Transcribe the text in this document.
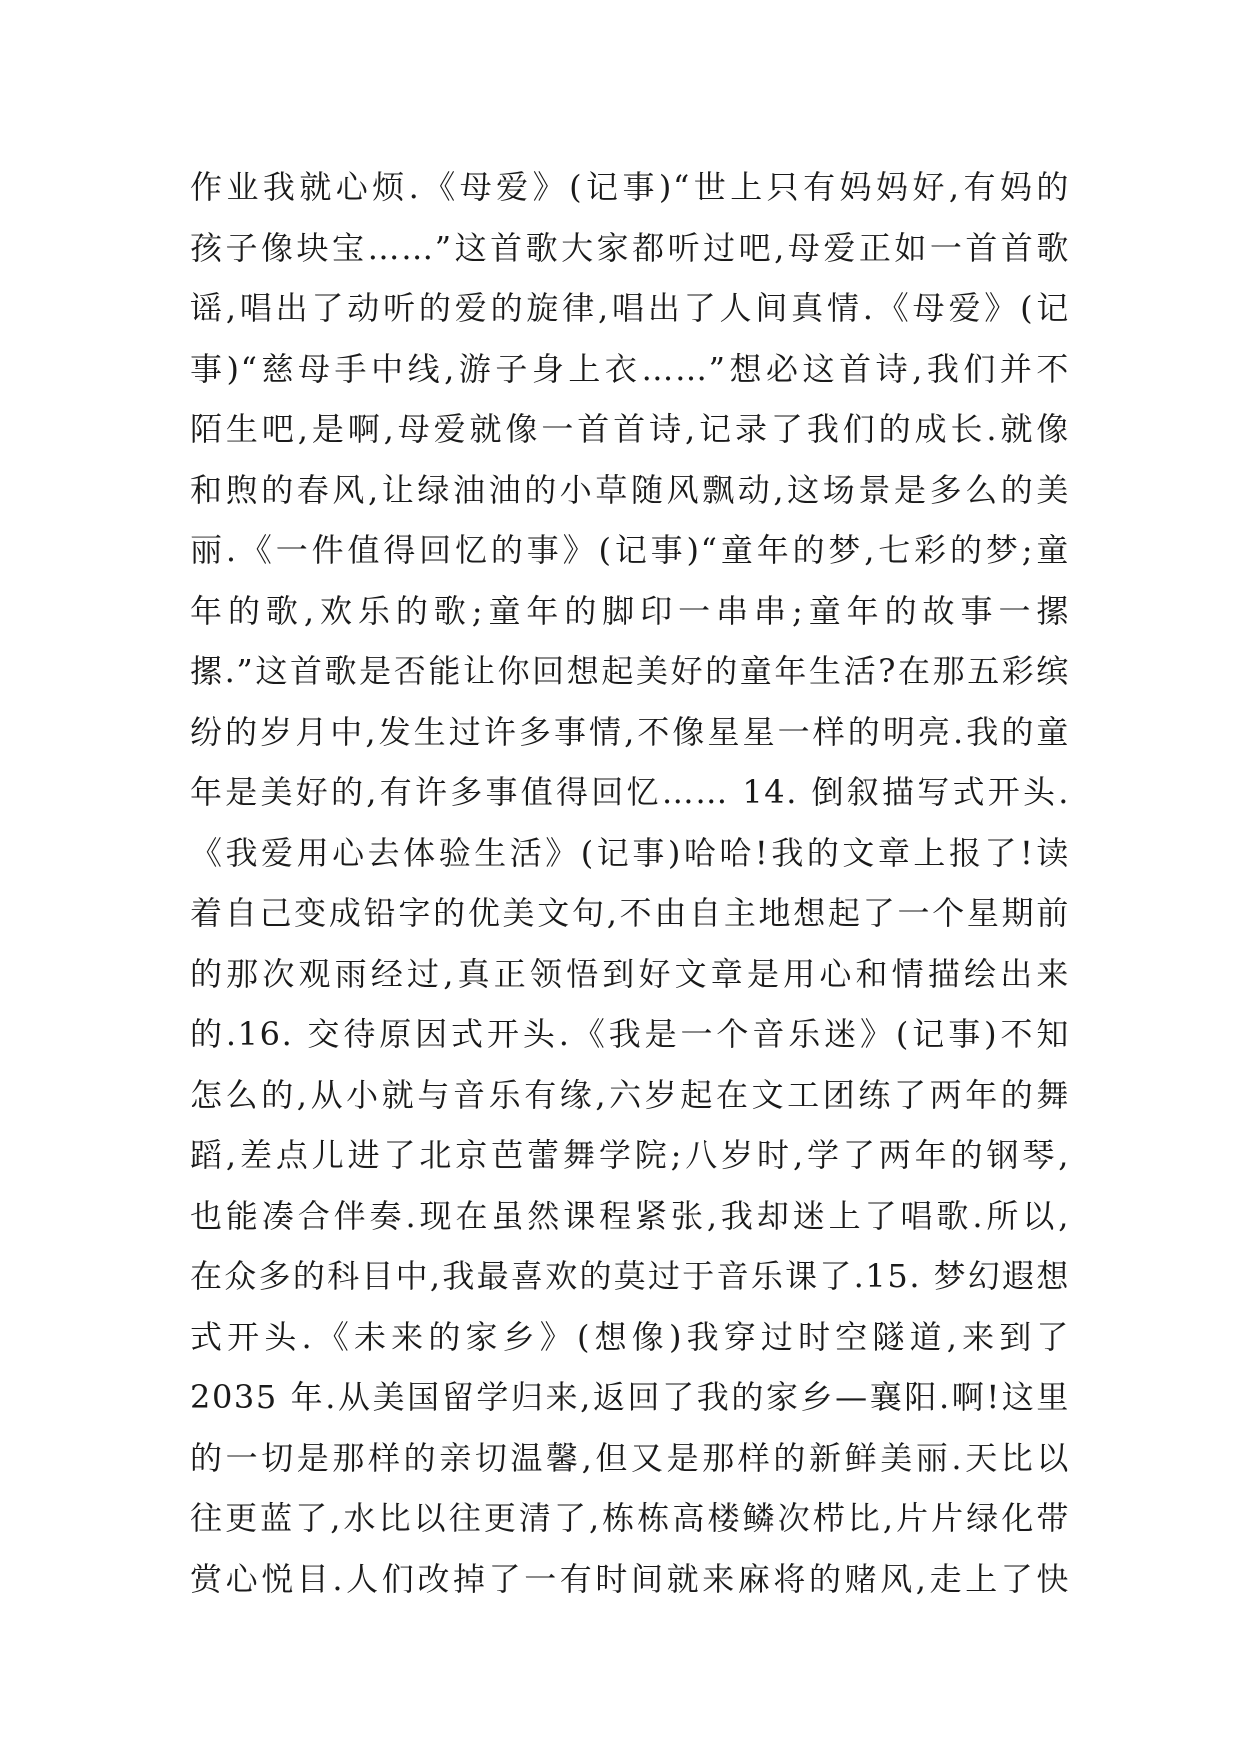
作业我就心烦.《母爱》(记事)“世上只有妈妈好,有妈的
孩子像块宝……”这首歌大家都听过吧,母爱正如一首首歌
谣,唱出了动听的爱的旋律,唱出了人间真情.《母爱》(记
事)“慈母手中线,游子身上衣……”想必这首诗,我们并不
陌生吧,是啊,母爱就像一首首诗,记录了我们的成长.就像
和煦的春风,让绿油油的小草随风飘动,这场景是多么的美
丽.《一件值得回忆的事》(记事)“童年的梦,七彩的梦;童
年的歌,欢乐的歌;童年的脚印一串串;童年的故事一摞
摞.”这首歌是否能让你回想起美好的童年生活?在那五彩缤
纷的岁月中,发生过许多事情,不像星星一样的明亮.我的童
年是美好的,有许多事值得回忆…… 14. 倒叙描写式开头.
《我爱用心去体验生活》(记事)哈哈!我的文章上报了!读
着自己变成铅字的优美文句,不由自主地想起了一个星期前
的那次观雨经过,真正领悟到好文章是用心和情描绘出来
的.16. 交待原因式开头.《我是一个音乐迷》(记事)不知
怎么的,从小就与音乐有缘,六岁起在文工团练了两年的舞
蹈,差点儿进了北京芭蕾舞学院;八岁时,学了两年的钢琴,
也能凑合伴奏.现在虽然课程紧张,我却迷上了唱歌.所以,
在众多的科目中,我最喜欢的莫过于音乐课了.15. 梦幻遐想
式开头.《未来的家乡》(想像)我穿过时空隧道,来到了
2035 年.从美国留学归来,返回了我的家乡—襄阳.啊!这里
的一切是那样的亲切温馨,但又是那样的新鲜美丽.天比以
往更蓝了,水比以往更清了,栋栋高楼鳞次栉比,片片绿化带
赏心悦目.人们改掉了一有时间就来麻将的赌风,走上了快
